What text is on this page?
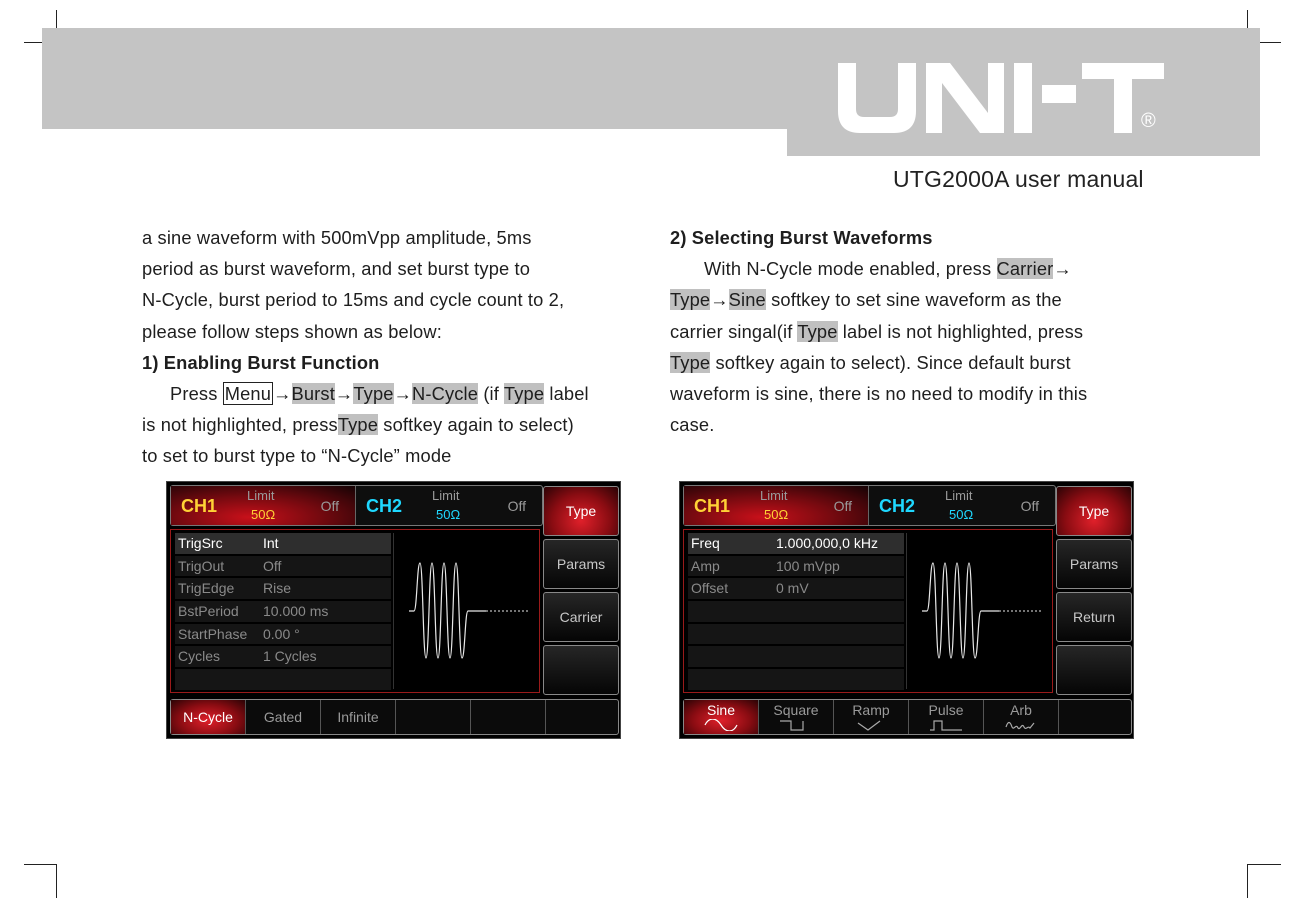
®
UTG2000A user manual

a sine waveform with 500mVpp amplitude, 5ms

period as burst waveform, and set burst type to

N-Cycle, burst period to 15ms and cycle count to 2,

please follow steps shown as below:

1) Enabling Burst Function

Press Menu →Burst→Type→N-Cycle (if Type label

is not highlighted, pressType softkey again to select)

to set to burst type to “N-Cycle” mode

2) Selecting Burst Waveforms

With N-Cycle mode enabled, press Carrier→

Type→Sine softkey to set sine waveform as the

carrier singal(if Type label is not highlighted, press

Type softkey again to select). Since default burst

waveform is sine, there is no need to modify in this

case.

CH1
Limit
50Ω
Off CH2
Limit
50Ω
Off	Type
Params
Carrier
TrigSrc	Int
TrigOut	Off
TrigEdge Rise
BstPeriod 10.000 ms
StartPhase 0.00 °
Cycles	1 Cycles
N-Cycle	Gated	Infinite
CH1
Limit
50Ω
Off CH2
Limit
50Ω
Off	Type
Params
Return
Freq	1.000,000,0 kHz
Amp	100 mVpp
Offset	0 mV
Sine	Square	Ramp	Pulse	Arb
